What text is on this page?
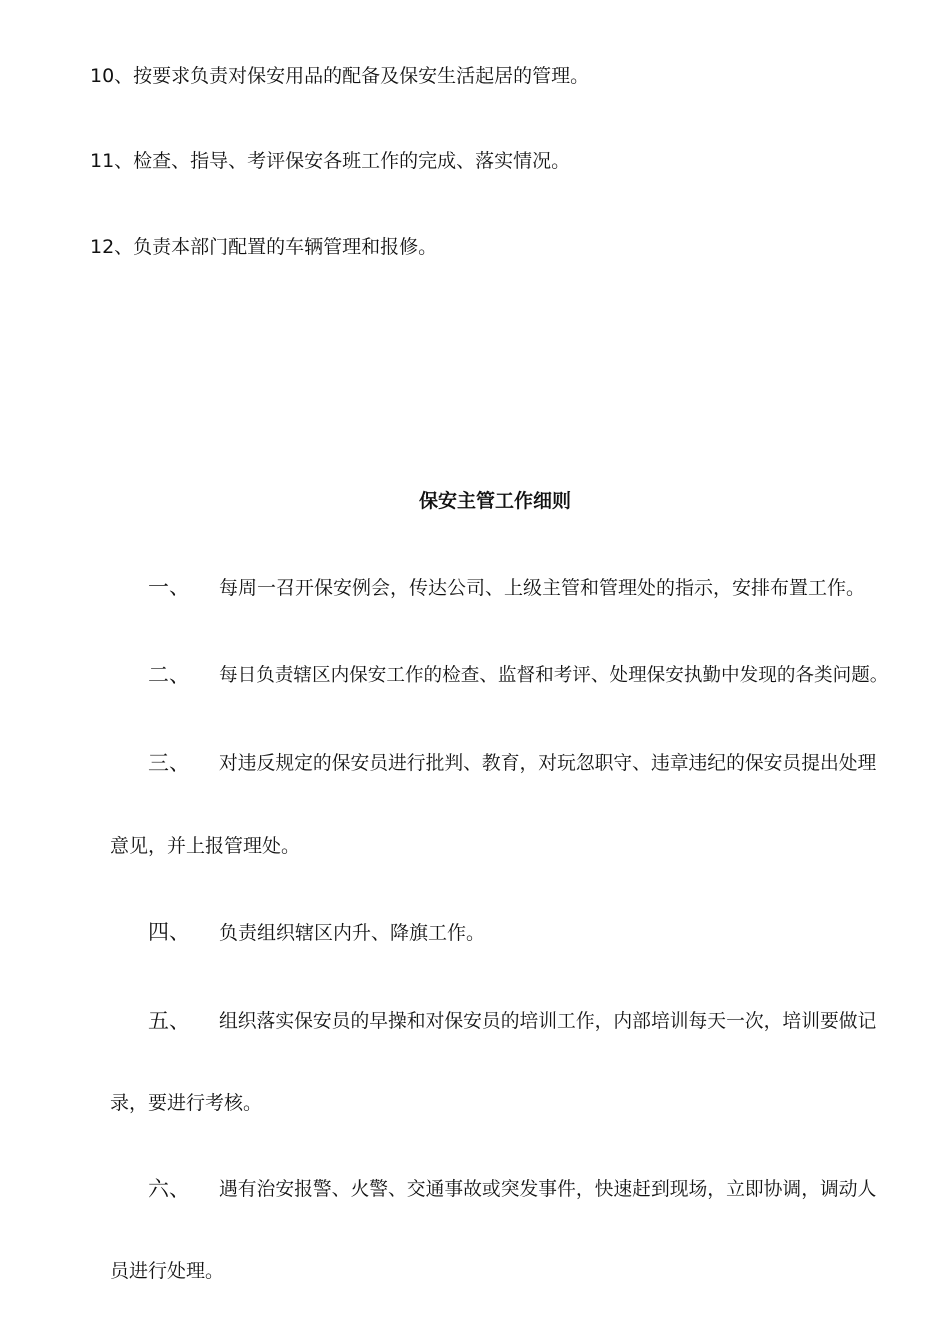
10、按要求负责对保安用品的配备及保安生活起居的管理。
11、检查、指导、考评保安各班工作的完成、落实情况。
12、负责本部门配置的车辆管理和报修。
保安主管工作细则
一、 每周一召开保安例会，传达公司、上级主管和管理处的指示，安排布置工作。
二、 每日负责辖区内保安工作的检查、监督和考评、处理保安执勤中发现的各类问题。
三、 对违反规定的保安员进行批判、教育，对玩忽职守、违章违纪的保安员提出处理
意见，并上报管理处。
四、 负责组织辖区内升、降旗工作。
五、 组织落实保安员的早操和对保安员的培训工作，内部培训每天一次，培训要做记
录，要进行考核。
六、 遇有治安报警、火警、交通事故或突发事件，快速赶到现场，立即协调，调动人
员进行处理。
